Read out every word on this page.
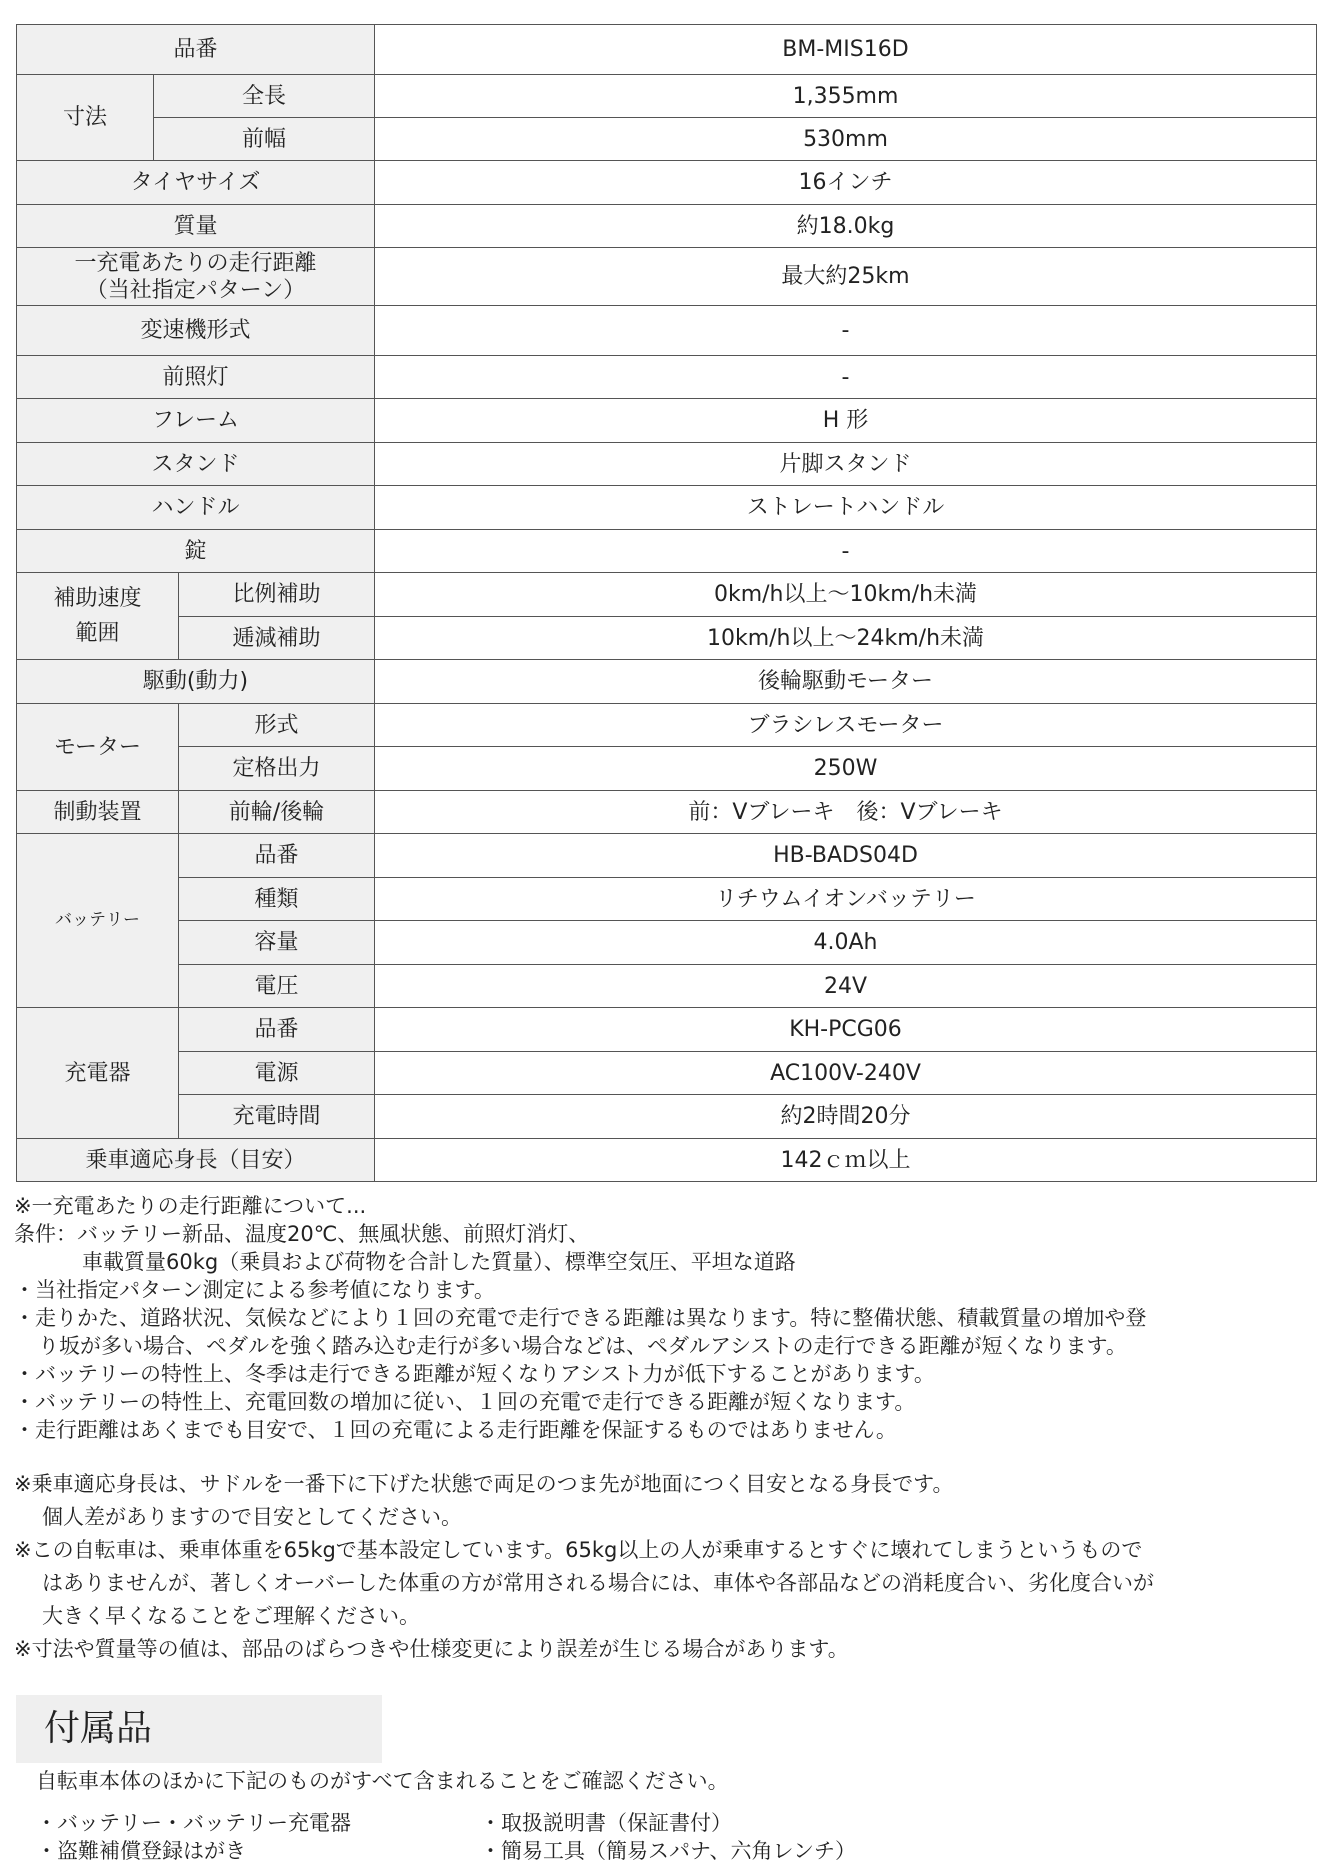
品番			BM-MIS16D
寸法	全長		1,355mm
	前幅		530mm
タイヤサイズ			16インチ
質量			約18.0kg

一充電あたりの走行距離
（当社指定パターン）			最大約25km
変速機形式			-
前照灯			-
フレーム			H 形
スタンド			片脚スタンド
ハンドル			ストレートハンドル
錠			-

補助速度
範囲		比例補助	0km/h以上～10km/h未満
		逓減補助	10km/h以上～24km/h未満
駆動(動力)			後輪駆動モーター
モーター		形式	ブラシレスモーター
		定格出力	250W
制動装置		前輪/後輪	前：Vブレーキ　後：Vブレーキ
バッテリー		品番	HB-BADS04D
		種類	リチウムイオンバッテリー
		容量	4.0Ah
		電圧	24V
充電器		品番	KH-PCG06
		電源	AC100V-240V
		充電時間	約2時間20分
乗車適応身長（目安）			142ｃｍ以上
※一充電あたりの走行距離について...
条件：バッテリー新品、温度20℃、無風状態、前照灯消灯、
車載質量60kg（乗員および荷物を合計した質量）、標準空気圧、平坦な道路
・当社指定パターン測定による参考値になります。
・走りかた、道路状況、気候などにより１回の充電で走行できる距離は異なります。特に整備状態、積載質量の増加や登
り坂が多い場合、ペダルを強く踏み込む走行が多い場合などは、ペダルアシストの走行できる距離が短くなります。
・バッテリーの特性上、冬季は走行できる距離が短くなりアシスト力が低下することがあります。
・バッテリーの特性上、充電回数の増加に従い、１回の充電で走行できる距離が短くなります。
・走行距離はあくまでも目安で、１回の充電による走行距離を保証するものではありません。
※乗車適応身長は、サドルを一番下に下げた状態で両足のつま先が地面につく目安となる身長です。
個人差がありますので目安としてください。
※この自転車は、乗車体重を65kgで基本設定しています。65kg以上の人が乗車するとすぐに壊れてしまうというもので
はありませんが、著しくオーバーした体重の方が常用される場合には、車体や各部品などの消耗度合い、劣化度合いが
大きく早くなることをご理解ください。
※寸法や質量等の値は、部品のばらつきや仕様変更により誤差が生じる場合があります。
付属品
自転車本体のほかに下記のものがすべて含まれることをご確認ください。
・バッテリー・バッテリー充電器	・取扱説明書（保証書付）
・盗難補償登録はがき	・簡易工具（簡易スパナ、六角レンチ）
